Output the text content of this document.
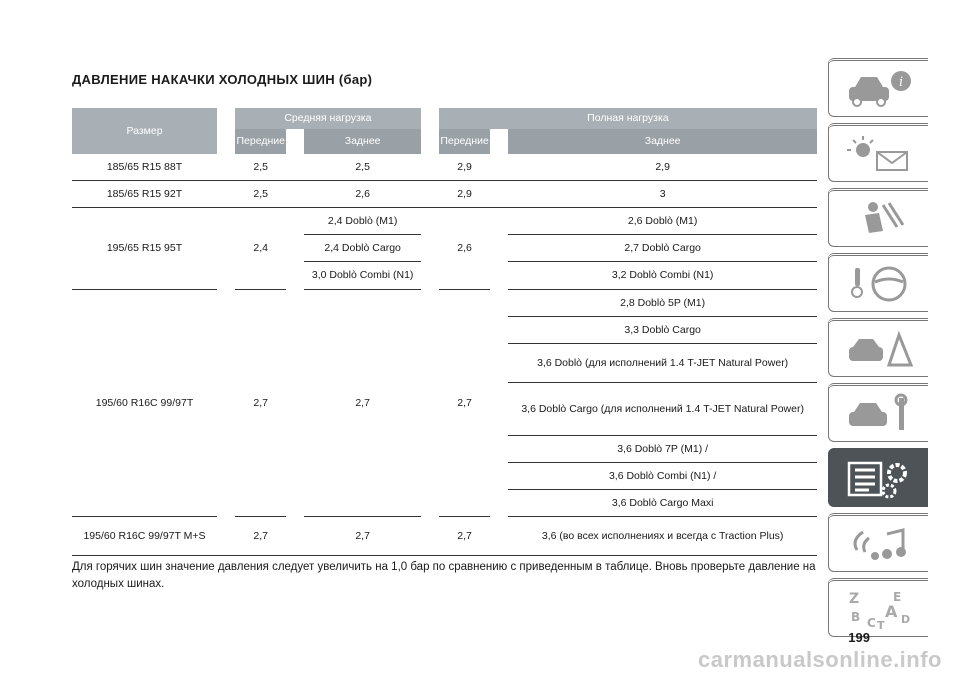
ДАВЛЕНИЕ НАКАЧКИ ХОЛОДНЫХ ШИН (бар)
Размер		Средняя нагрузка				Полная нагрузка		
		Передние		Заднее		Передние		Заднее
185/65 R15 88T		2,5		2,5		2,9		2,9
185/65 R15 92T		2,5		2,6		2,9		3
195/65 R15 95T		2,4		2,4 Doblò (M1)		2,6		2,6 Doblò (M1)
				2,4 Doblò Cargo				2,7 Doblò Cargo
				3,0 Doblò Combi (N1)				3,2 Doblò Combi (N1)
195/60 R16C 99/97T		2,7		2,7		2,7		2,8 Doblò 5P (M1)
								3,3 Doblò Cargo
								3,6 Doblò (для исполнений 1.4 T-JET Natural Power)
								3,6 Doblò Cargo (для исполнений 1.4 T-JET Natural Power)
								3,6 Doblò 7P (M1) /
								3,6 Doblò Combi (N1) /
								3,6 Doblò Cargo Maxi
195/60 R16C 99/97T M+S		2,7		2,7		2,7		3,6 (во всех исполнениях и всегда с Traction Plus)
Для горячих шин значение давления следует увеличить на 1,0 бар по сравнению с приведенным в таблице. Вновь проверьте давление на холодных шинах.
i
Z	E
B A
C D
T
199
carmanualsonline.info
